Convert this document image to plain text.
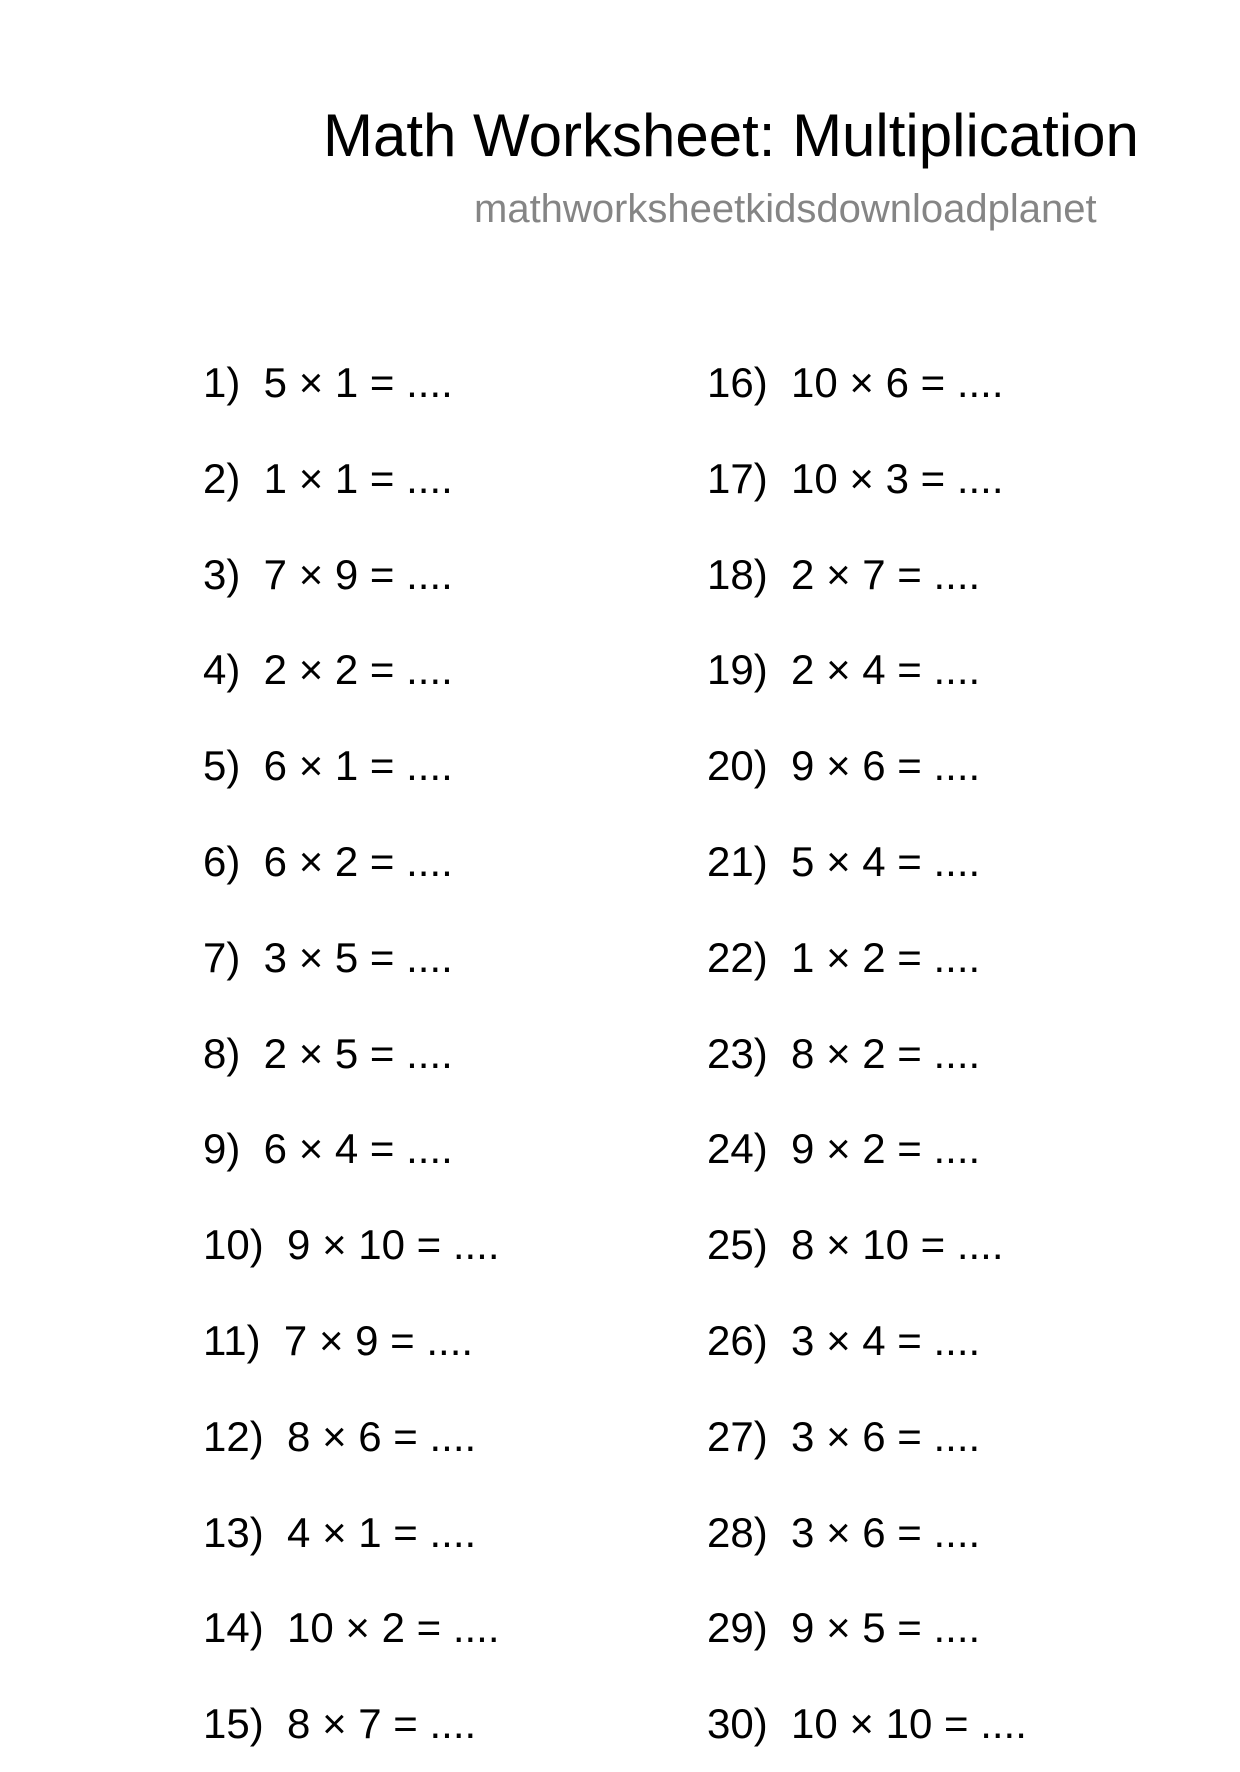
Math Worksheet: Multiplication
mathworksheetkidsdownloadplanet
1)  5 × 1 = ....
2)  1 × 1 = ....
3)  7 × 9 = ....
4)  2 × 2 = ....
5)  6 × 1 = ....
6)  6 × 2 = ....
7)  3 × 5 = ....
8)  2 × 5 = ....
9)  6 × 4 = ....
10)  9 × 10 = ....
11)  7 × 9 = ....
12)  8 × 6 = ....
13)  4 × 1 = ....
14)  10 × 2 = ....
15)  8 × 7 = ....
16)  10 × 6 = ....
17)  10 × 3 = ....
18)  2 × 7 = ....
19)  2 × 4 = ....
20)  9 × 6 = ....
21)  5 × 4 = ....
22)  1 × 2 = ....
23)  8 × 2 = ....
24)  9 × 2 = ....
25)  8 × 10 = ....
26)  3 × 4 = ....
27)  3 × 6 = ....
28)  3 × 6 = ....
29)  9 × 5 = ....
30)  10 × 10 = ....
